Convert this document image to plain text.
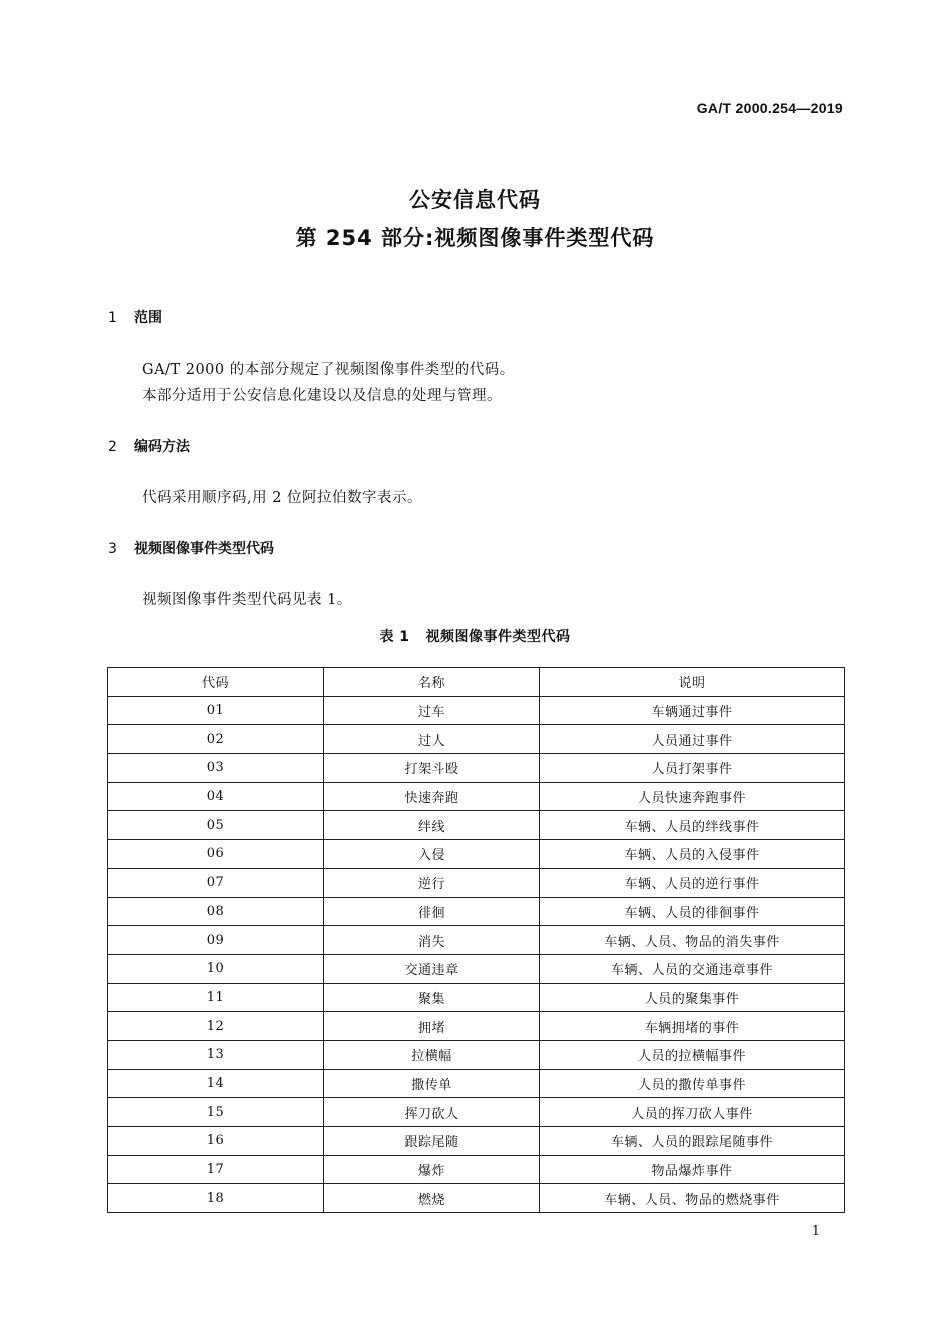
GA/T 2000.254—2019
公安信息代码
第 254 部分:视频图像事件类型代码
1 范围
GA/T 2000 的本部分规定了视频图像事件类型的代码。
本部分适用于公安信息化建设以及信息的处理与管理。
2 编码方法
代码采用顺序码,用 2 位阿拉伯数字表示。
3 视频图像事件类型代码
视频图像事件类型代码见表 1。
表 1 视频图像事件类型代码
代码	名称	说明
01	过车	车辆通过事件
02	过人	人员通过事件
03	打架斗殴	人员打架事件
04	快速奔跑	人员快速奔跑事件
05	绊线	车辆、人员的绊线事件
06	入侵	车辆、人员的入侵事件
07	逆行	车辆、人员的逆行事件
08	徘徊	车辆、人员的徘徊事件
09	消失	车辆、人员、物品的消失事件
10	交通违章	车辆、人员的交通违章事件
11	聚集	人员的聚集事件
12	拥堵	车辆拥堵的事件
13	拉横幅	人员的拉横幅事件
14	撒传单	人员的撒传单事件
15	挥刀砍人	人员的挥刀砍人事件
16	跟踪尾随	车辆、人员的跟踪尾随事件
17	爆炸	物品爆炸事件
18	燃烧	车辆、人员、物品的燃烧事件
1
